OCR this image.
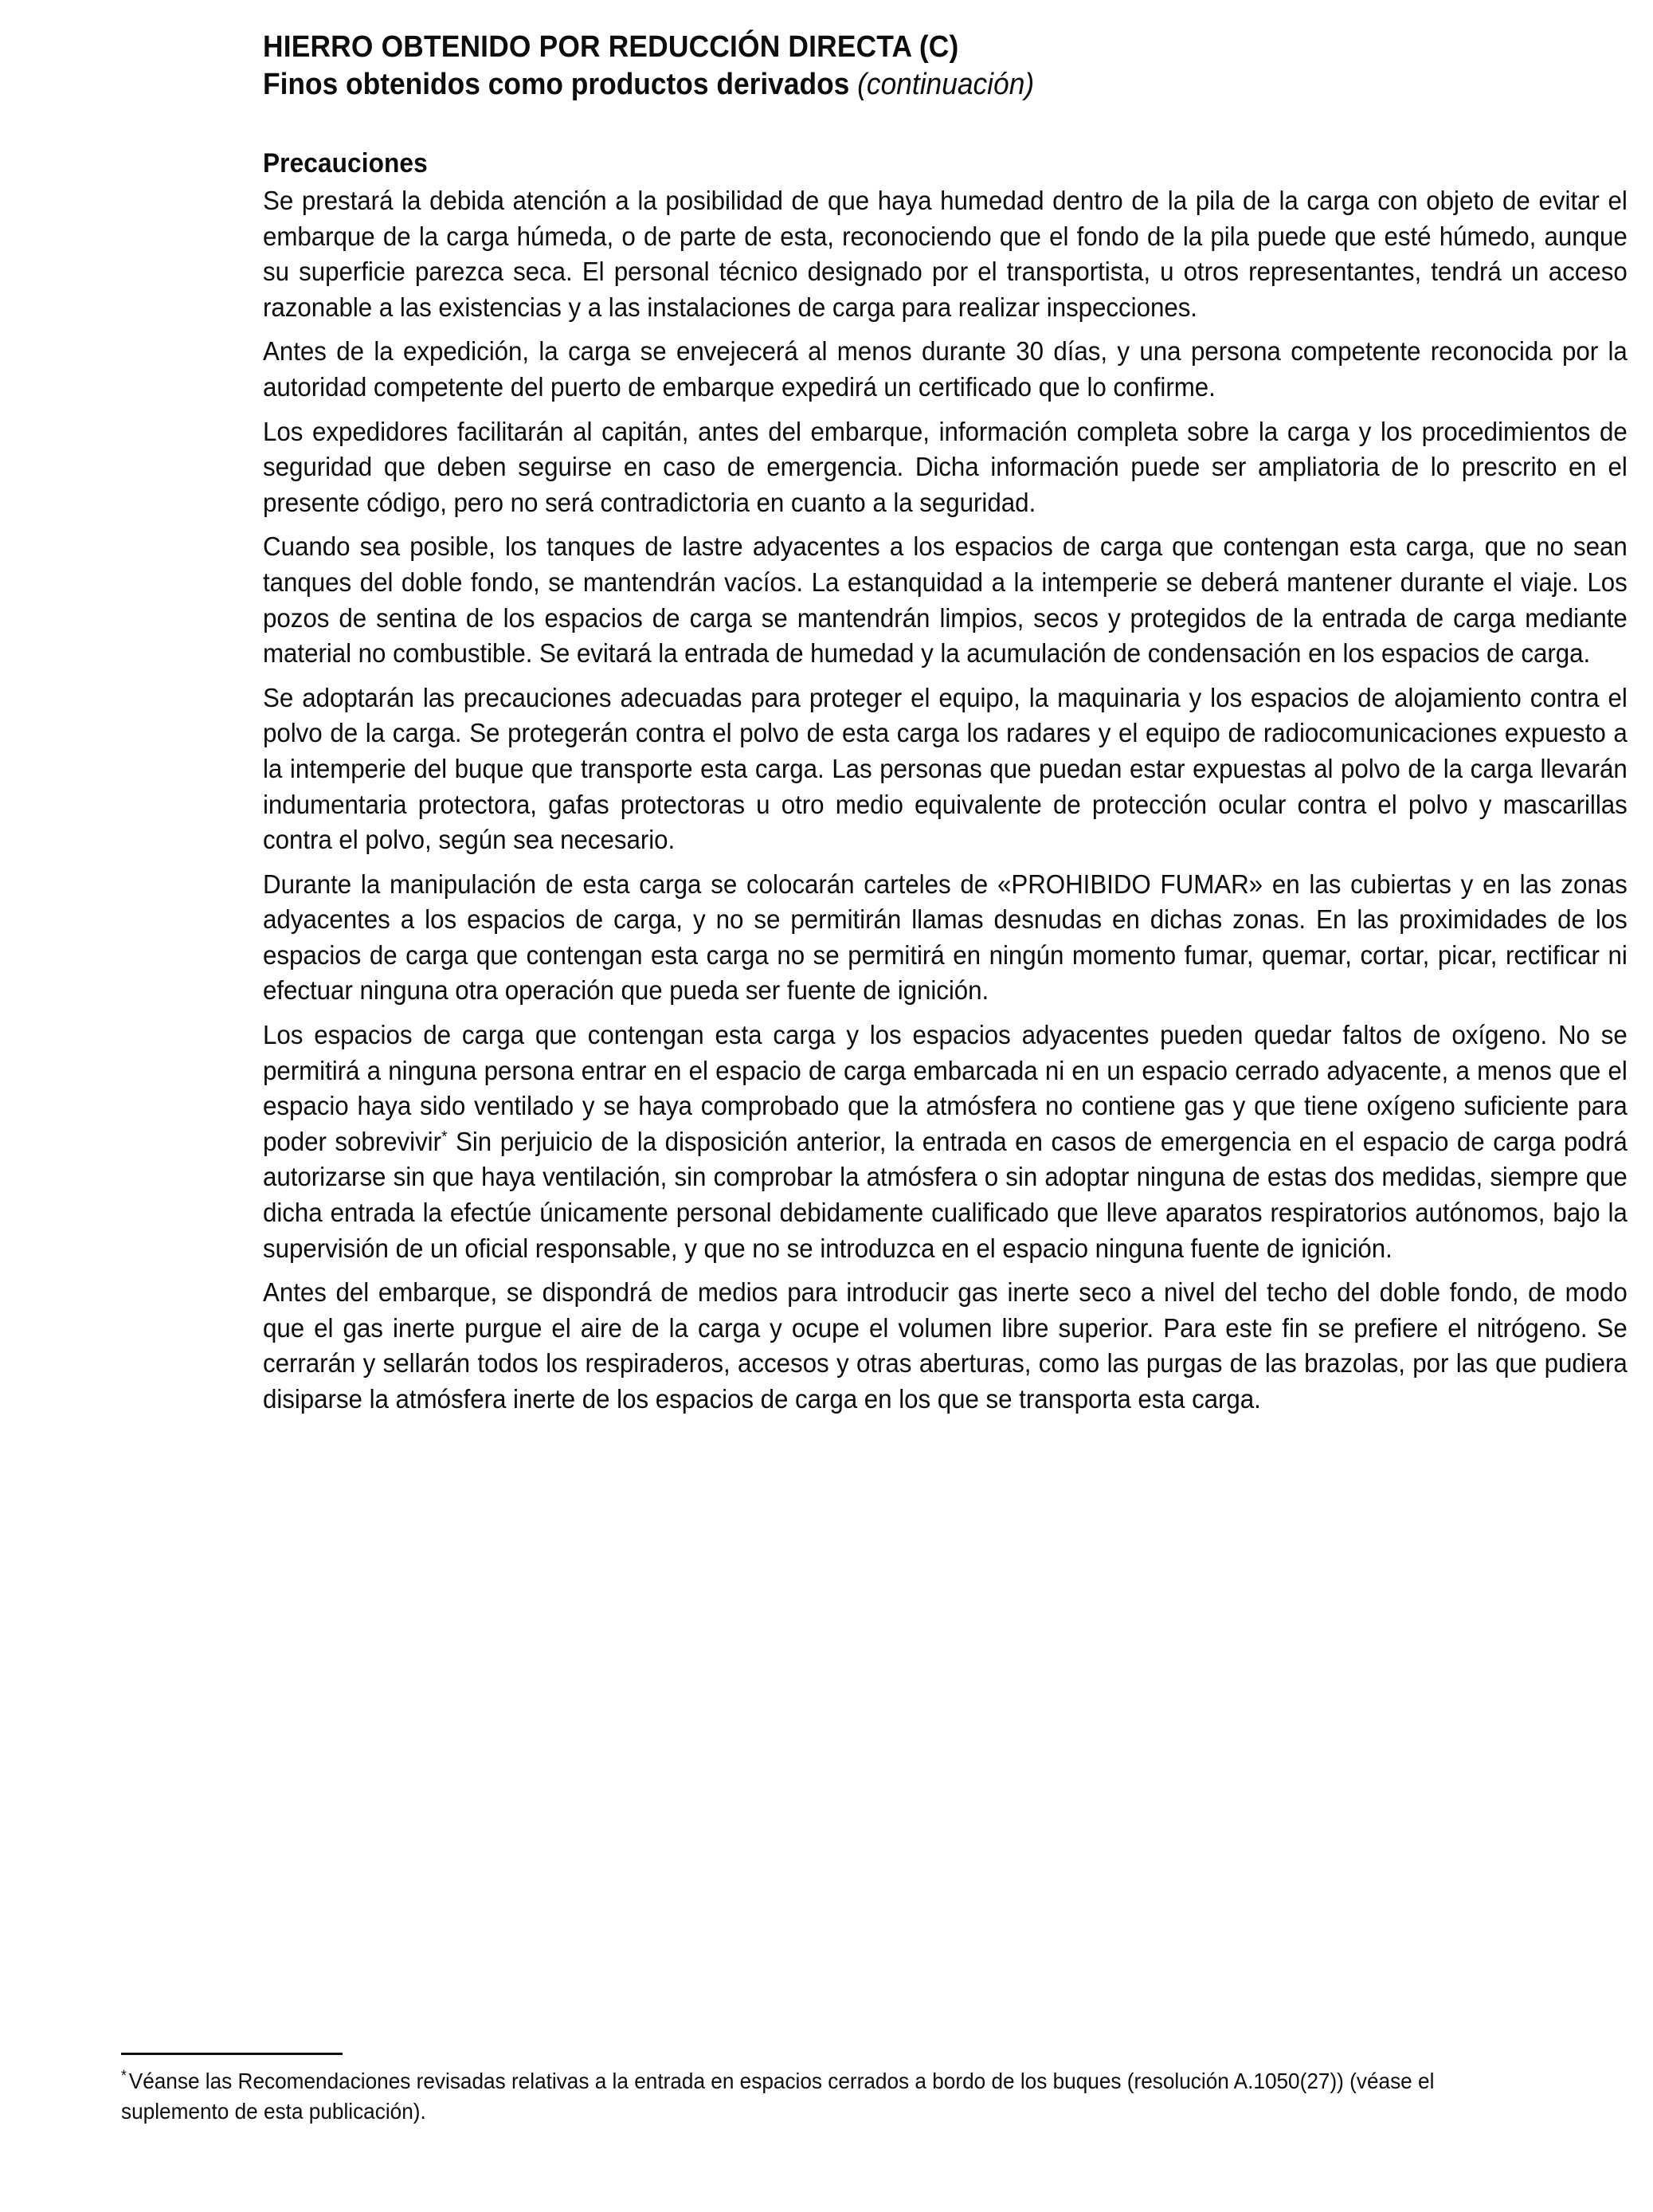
HIERRO OBTENIDO POR REDUCCIÓN DIRECTA (C)
Finos obtenidos como productos derivados (continuación)
Precauciones

Se prestará la debida atención a la posibilidad de que haya humedad dentro de la pila de la carga con objeto de evitar el embarque de la carga húmeda, o de parte de esta, reconociendo que el fondo de la pila puede que esté húmedo, aunque su superficie parezca seca. El personal técnico designado por el transportista, u otros representantes, tendrá un acceso razonable a las existencias y a las instalaciones de carga para realizar inspecciones.

Antes de la expedición, la carga se envejecerá al menos durante 30 días, y una persona competente reconocida por la autoridad competente del puerto de embarque expedirá un certificado que lo confirme.

Los expedidores facilitarán al capitán, antes del embarque, información completa sobre la carga y los procedimientos de seguridad que deben seguirse en caso de emergencia. Dicha información puede ser ampliatoria de lo prescrito en el presente código, pero no será contradictoria en cuanto a la seguridad.

Cuando sea posible, los tanques de lastre adyacentes a los espacios de carga que contengan esta carga, que no sean tanques del doble fondo, se mantendrán vacíos. La estanquidad a la intemperie se deberá mantener durante el viaje. Los pozos de sentina de los espacios de carga se mantendrán limpios, secos y protegidos de la entrada de carga mediante material no combustible. Se evitará la entrada de humedad y la acumulación de condensación en los espacios de carga.

Se adoptarán las precauciones adecuadas para proteger el equipo, la maquinaria y los espacios de alojamiento contra el polvo de la carga. Se protegerán contra el polvo de esta carga los radares y el equipo de radiocomunicaciones expuesto a la intemperie del buque que transporte esta carga. Las personas que puedan estar expuestas al polvo de la carga llevarán indumentaria protectora, gafas protectoras u otro medio equivalente de protección ocular contra el polvo y mascarillas contra el polvo, según sea necesario.

Durante la manipulación de esta carga se colocarán carteles de «PROHIBIDO FUMAR» en las cubiertas y en las zonas adyacentes a los espacios de carga, y no se permitirán llamas desnudas en dichas zonas. En las proximidades de los espacios de carga que contengan esta carga no se permitirá en ningún momento fumar, quemar, cortar, picar, rectificar ni efectuar ninguna otra operación que pueda ser fuente de ignición.

Los espacios de carga que contengan esta carga y los espacios adyacentes pueden quedar faltos de oxígeno. No se permitirá a ninguna persona entrar en el espacio de carga embarcada ni en un espacio cerrado adyacente, a menos que el espacio haya sido ventilado y se haya comprobado que la atmósfera no contiene gas y que tiene oxígeno suficiente para poder sobrevivir* Sin perjuicio de la disposición anterior, la entrada en casos de emergencia en el espacio de carga podrá autorizarse sin que haya ventilación, sin comprobar la atmósfera o sin adoptar ninguna de estas dos medidas, siempre que dicha entrada la efectúe únicamente personal debidamente cualificado que lleve aparatos respiratorios autónomos, bajo la supervisión de un oficial responsable, y que no se introduzca en el espacio ninguna fuente de ignición.

Antes del embarque, se dispondrá de medios para introducir gas inerte seco a nivel del techo del doble fondo, de modo que el gas inerte purgue el aire de la carga y ocupe el volumen libre superior. Para este fin se prefiere el nitrógeno. Se cerrarán y sellarán todos los respiraderos, accesos y otras aberturas, como las purgas de las brazolas, por las que pudiera disiparse la atmósfera inerte de los espacios de carga en los que se transporta esta carga.

* Véanse las Recomendaciones revisadas relativas a la entrada en espacios cerrados a bordo de los buques (resolución A.1050(27)) (véase el suplemento de esta publicación).
